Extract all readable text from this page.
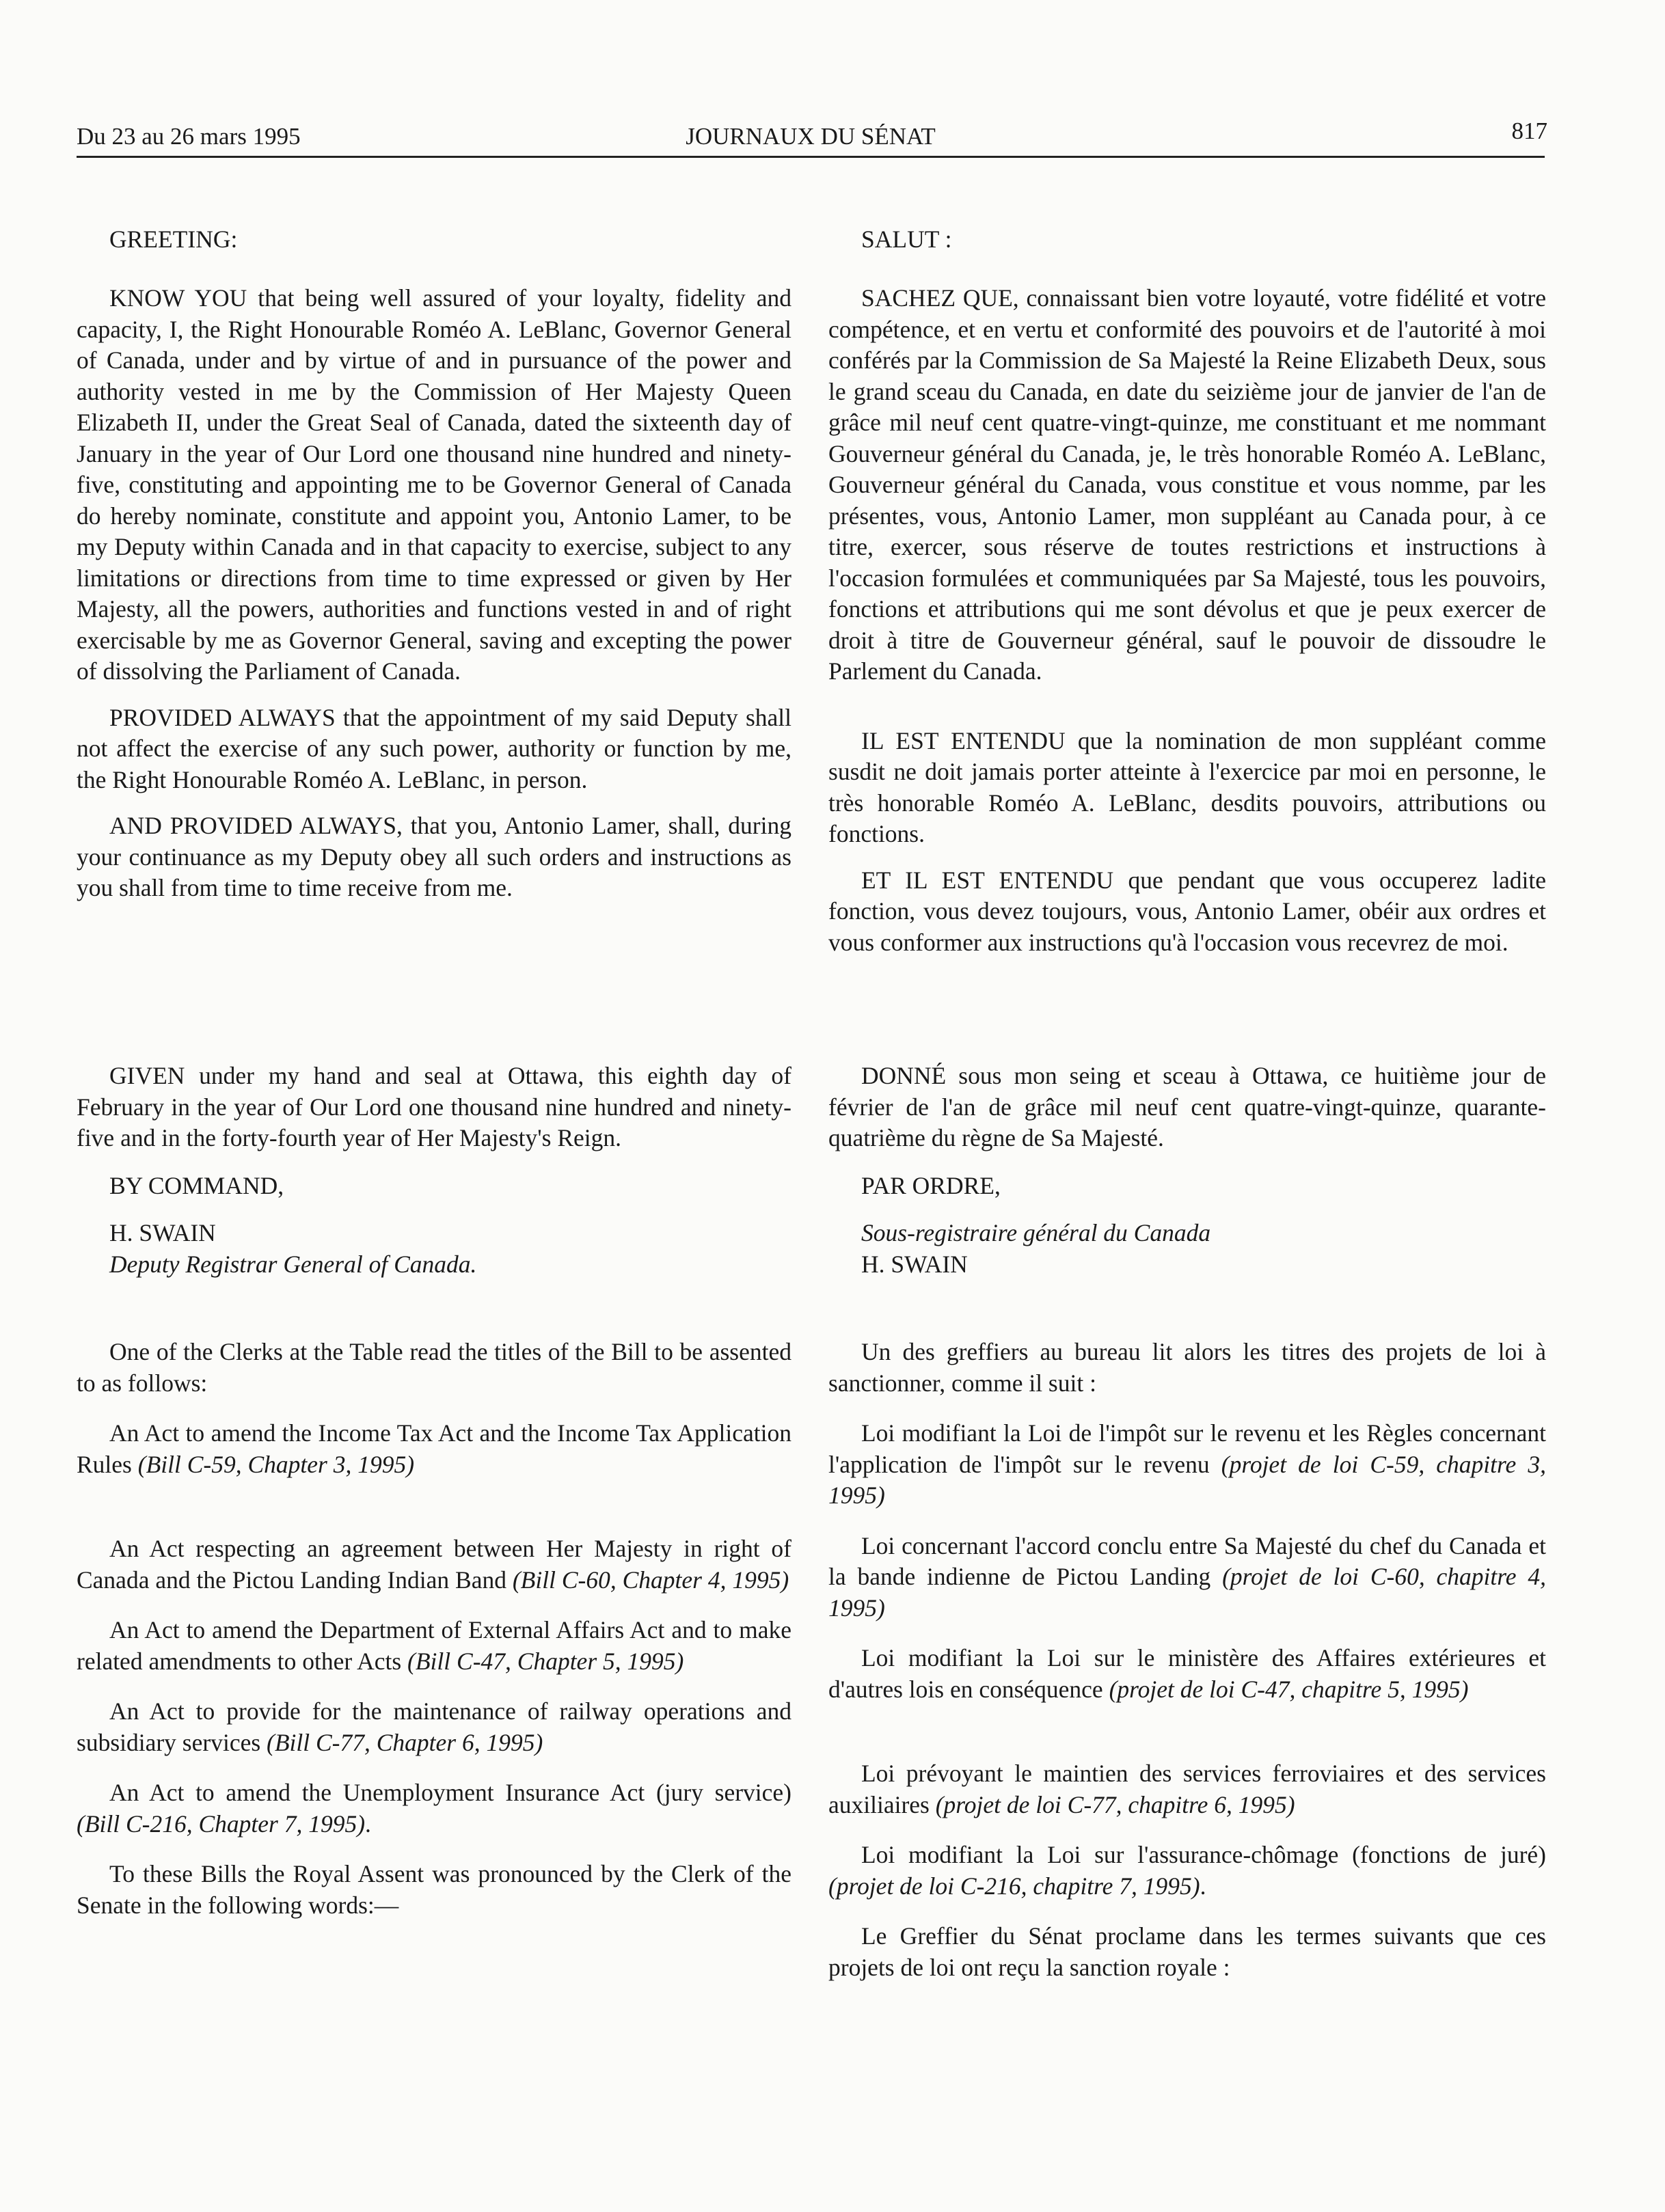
Du 23 au 26 mars 1995	JOURNAUX DU SÉNAT	817

GREETING:

KNOW YOU that being well assured of your loyalty, fidelity and capacity, I, the Right Honourable Roméo A. LeBlanc, Governor General of Canada, under and by virtue of and in pursuance of the power and authority vested in me by the Commission of Her Majesty Queen Elizabeth II, under the Great Seal of Canada, dated the sixteenth day of January in the year of Our Lord one thousand nine hundred and ninety-five, constituting and appointing me to be Governor General of Canada do hereby nominate, constitute and appoint you, Antonio Lamer, to be my Deputy within Canada and in that capacity to exercise, subject to any limitations or directions from time to time expressed or given by Her Majesty, all the powers, authorities and functions vested in and of right exercisable by me as Governor General, saving and excepting the power of dissolving the Parliament of Canada.

PROVIDED ALWAYS that the appointment of my said Deputy shall not affect the exercise of any such power, authority or function by me, the Right Honourable Roméo A. LeBlanc, in person.

AND PROVIDED ALWAYS, that you, Antonio Lamer, shall, during your continuance as my Deputy obey all such orders and instructions as you shall from time to time receive from me.

GIVEN under my hand and seal at Ottawa, this eighth day of February in the year of Our Lord one thousand nine hundred and ninety-five and in the forty-fourth year of Her Majesty's Reign.

BY COMMAND,

H. SWAIN

Deputy Registrar General of Canada.

One of the Clerks at the Table read the titles of the Bill to be assented to as follows:

An Act to amend the Income Tax Act and the Income Tax Application Rules (Bill C-59, Chapter 3, 1995)

An Act respecting an agreement between Her Majesty in right of Canada and the Pictou Landing Indian Band (Bill C-60, Chapter 4, 1995)

An Act to amend the Department of External Affairs Act and to make related amendments to other Acts (Bill C-47, Chapter 5, 1995)

An Act to provide for the maintenance of railway operations and subsidiary services (Bill C-77, Chapter 6, 1995)

An Act to amend the Unemployment Insurance Act (jury service) (Bill C-216, Chapter 7, 1995).

To these Bills the Royal Assent was pronounced by the Clerk of the Senate in the following words:—

SALUT :

SACHEZ QUE, connaissant bien votre loyauté, votre fidélité et votre compétence, et en vertu et conformité des pouvoirs et de l'autorité à moi conférés par la Commission de Sa Majesté la Reine Elizabeth Deux, sous le grand sceau du Canada, en date du seizième jour de janvier de l'an de grâce mil neuf cent quatre-vingt-quinze, me constituant et me nommant Gouverneur général du Canada, je, le très honorable Roméo A. LeBlanc, Gouverneur général du Canada, vous constitue et vous nomme, par les présentes, vous, Antonio Lamer, mon suppléant au Canada pour, à ce titre, exercer, sous réserve de toutes restrictions et instructions à l'occasion formulées et communiquées par Sa Majesté, tous les pouvoirs, fonctions et attributions qui me sont dévolus et que je peux exercer de droit à titre de Gouverneur général, sauf le pouvoir de dissoudre le Parlement du Canada.

IL EST ENTENDU que la nomination de mon suppléant comme susdit ne doit jamais porter atteinte à l'exercice par moi en personne, le très honorable Roméo A. LeBlanc, desdits pouvoirs, attributions ou fonctions.

ET IL EST ENTENDU que pendant que vous occuperez ladite fonction, vous devez toujours, vous, Antonio Lamer, obéir aux ordres et vous conformer aux instructions qu'à l'occasion vous recevrez de moi.

DONNÉ sous mon seing et sceau à Ottawa, ce huitième jour de février de l'an de grâce mil neuf cent quatre-vingt-quinze, quarante-quatrième du règne de Sa Majesté.

PAR ORDRE,

Sous-registraire général du Canada

H. SWAIN

Un des greffiers au bureau lit alors les titres des projets de loi à sanctionner, comme il suit :

Loi modifiant la Loi de l'impôt sur le revenu et les Règles concernant l'application de l'impôt sur le revenu (projet de loi C-59, chapitre 3, 1995)

Loi concernant l'accord conclu entre Sa Majesté du chef du Canada et la bande indienne de Pictou Landing (projet de loi C-60, chapitre 4, 1995)

Loi modifiant la Loi sur le ministère des Affaires extérieures et d'autres lois en conséquence (projet de loi C-47, chapitre 5, 1995)

Loi prévoyant le maintien des services ferroviaires et des services auxiliaires (projet de loi C-77, chapitre 6, 1995)

Loi modifiant la Loi sur l'assurance-chômage (fonctions de juré) (projet de loi C-216, chapitre 7, 1995).

Le Greffier du Sénat proclame dans les termes suivants que ces projets de loi ont reçu la sanction royale :
